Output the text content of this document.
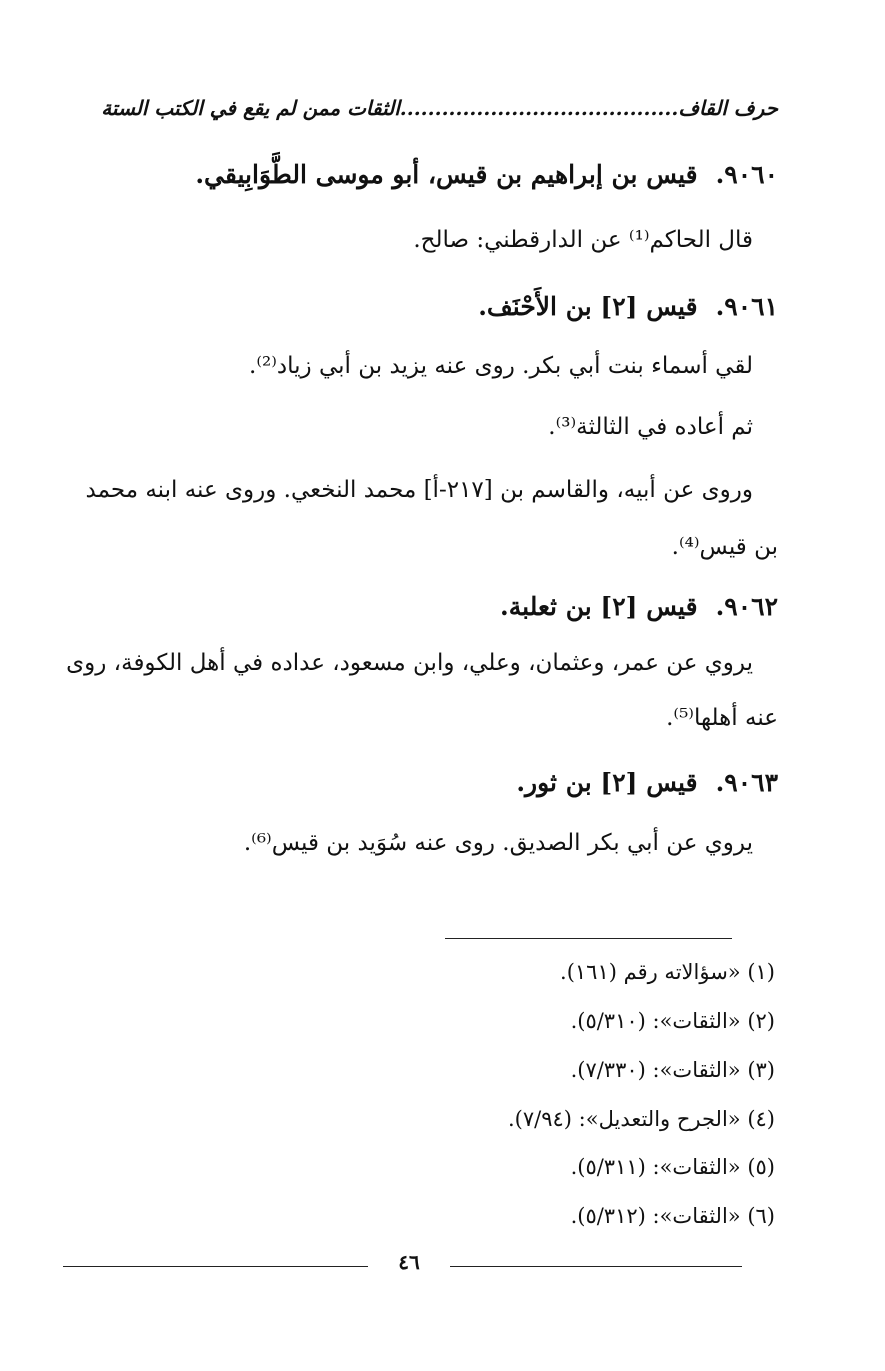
حرف القاف........................................الثقات ممن لم يقع في الكتب الستة
٩٠٦٠.قيس بن إبراهيم بن قيس، أبو موسى الطَّوَابِيقي.
قال الحاكم⁽¹⁾ عن الدارقطني: صالح.
٩٠٦١.قيس [٢] بن الأَحْنَف.
لقي أسماء بنت أبي بكر. روى عنه يزيد بن أبي زياد⁽²⁾.
ثم أعاده في الثالثة⁽³⁾.
وروى عن أبيه، والقاسم بن [٢١٧-أ] محمد النخعي. وروى عنه ابنه محمد
بن قيس⁽⁴⁾.
٩٠٦٢.قيس [٢] بن ثعلبة.
يروي عن عمر، وعثمان، وعلي، وابن مسعود، عداده في أهل الكوفة، روى
عنه أهلها⁽⁵⁾.
٩٠٦٣.قيس [٢] بن ثور.
يروي عن أبي بكر الصديق. روى عنه سُوَيد بن قيس⁽⁶⁾.
(١) «سؤالاته رقم (١٦١).
(٢) «الثقات»: (٥/٣١٠).
(٣) «الثقات»: (٧/٣٣٠).
(٤) «الجرح والتعديل»: (٧/٩٤).
(٥) «الثقات»: (٥/٣١١).
(٦) «الثقات»: (٥/٣١٢).
٤٦
